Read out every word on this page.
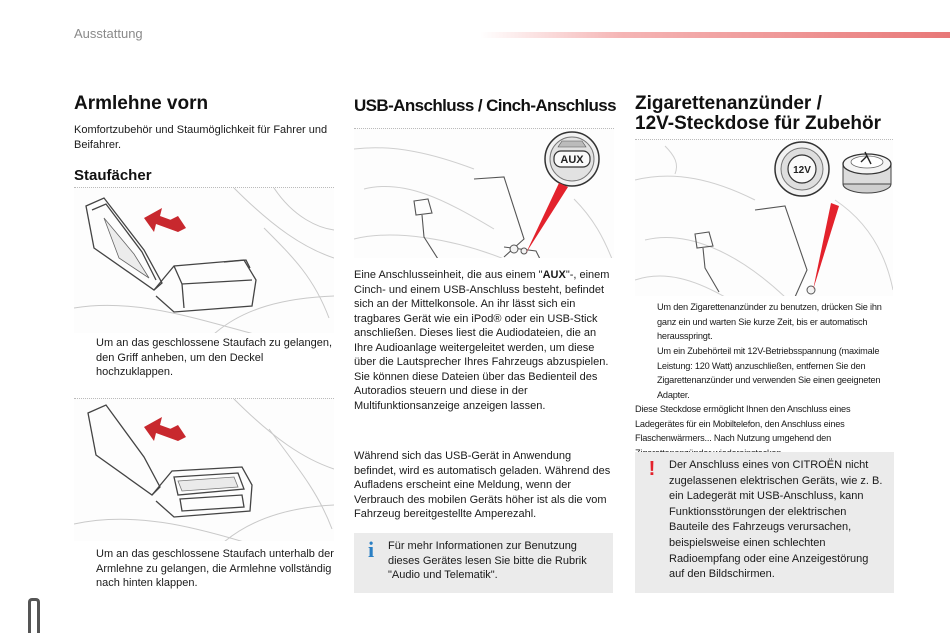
Ausstattung
Armlehne vorn
Komfortzubehör und Staumöglichkeit für Fahrer und Beifahrer.
Staufächer
Um an das geschlossene Staufach zu gelangen, den Griff anheben, um den Deckel hochzuklappen.
Um an das geschlossene Staufach unterhalb der Armlehne zu gelangen, die Armlehne vollständig nach hinten klappen.
USB-Anschluss / Cinch-Anschluss
AUX
Eine Anschlusseinheit, die aus einem "AUX"-, einem Cinch- und einem USB-Anschluss besteht, befindet sich an der Mittelkonsole. An ihr lässt sich ein tragbares Gerät wie ein iPod® oder ein USB-Stick anschließen. Dieses liest die Audiodateien, die an Ihre Audioanlage weitergeleitet werden, um diese über die Lautsprecher Ihres Fahrzeugs abzuspielen. Sie können diese Dateien über das Bedienteil des Autoradios steuern und diese in der Multifunktionsanzeige anzeigen lassen.
Während sich das USB-Gerät in Anwendung befindet, wird es automatisch geladen. Während des Aufladens erscheint eine Meldung, wenn der Verbrauch des mobilen Geräts höher ist als die vom Fahrzeug bereitgestellte Amperezahl.
i	Für mehr Informationen zur Benutzung dieses Gerätes lesen Sie bitte die Rubrik "Audio und Telematik".
Zigarettenanzünder /
12V-Steckdose für Zubehör
12V
Um den Zigarettenanzünder zu benutzen, drücken Sie ihn ganz ein und warten Sie kurze Zeit, bis er automatisch herausspringt.
Um ein Zubehörteil mit 12V-Betriebsspannung (maximale Leistung: 120 Watt) anzuschließen, entfernen Sie den Zigarettenanzünder und verwenden Sie einen geeigneten Adapter.
Diese Steckdose ermöglicht Ihnen den Anschluss eines Ladegerätes für ein Mobiltelefon, den Anschluss eines Flaschenwärmers... Nach Nutzung umgehend den
!	Der Anschluss eines von CITROËN nicht zugelassenen elektrischen Geräts, wie z. B. ein Ladegerät mit USB-Anschluss, kann Funktionsstörungen der elektrischen Bauteile des Fahrzeugs verursachen, beispielsweise einen schlechten Radioempfang oder eine Anzeigestörung auf den Bildschirmen.
